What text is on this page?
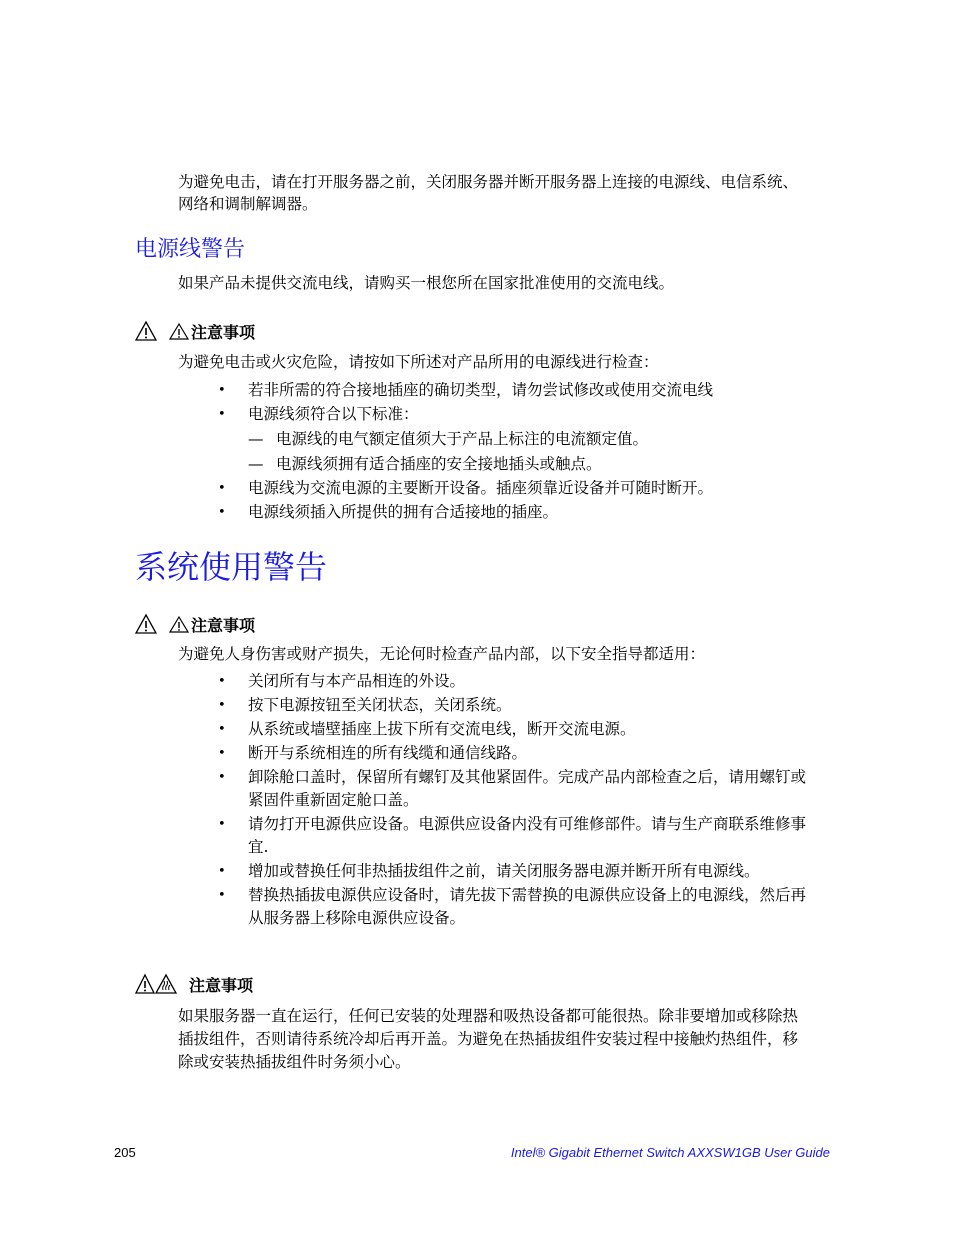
为避免电击，请在打开服务器之前，关闭服务器并断开服务器上连接的电源线、电信系统、网络和调制解调器。
电源线警告
如果产品未提供交流电线，请购买一根您所在国家批准使用的交流电线。
注意事项
为避免电击或火灾危险，请按如下所述对产品所用的电源线进行检查：
• 若非所需的符合接地插座的确切类型，请勿尝试修改或使用交流电线
• 电源线须符合以下标准：
— 电源线的电气额定值须大于产品上标注的电流额定值。
— 电源线须拥有适合插座的安全接地插头或触点。
• 电源线为交流电源的主要断开设备。插座须靠近设备并可随时断开。
• 电源线须插入所提供的拥有合适接地的插座。
系统使用警告
注意事项
为避免人身伤害或财产损失，无论何时检查产品内部，以下安全指导都适用：
• 关闭所有与本产品相连的外设。
• 按下电源按钮至关闭状态，关闭系统。
• 从系统或墙壁插座上拔下所有交流电线，断开交流电源。
• 断开与系统相连的所有线缆和通信线路。
• 卸除舱口盖时，保留所有螺钉及其他紧固件。完成产品内部检查之后，请用螺钉或紧固件重新固定舱口盖。
• 请勿打开电源供应设备。电源供应设备内没有可维修部件。请与生产商联系维修事宜.
• 增加或替换任何非热插拔组件之前，请关闭服务器电源并断开所有电源线。
• 替换热插拔电源供应设备时，请先拔下需替换的电源供应设备上的电源线，然后再从服务器上移除电源供应设备。
注意事项
如果服务器一直在运行，任何已安装的处理器和吸热设备都可能很热。除非要增加或移除热插拔组件，否则请待系统冷却后再开盖。为避免在热插拔组件安装过程中接触灼热组件，移除或安装热插拔组件时务须小心。
205	Intel® Gigabit Ethernet Switch AXXSW1GB User Guide
